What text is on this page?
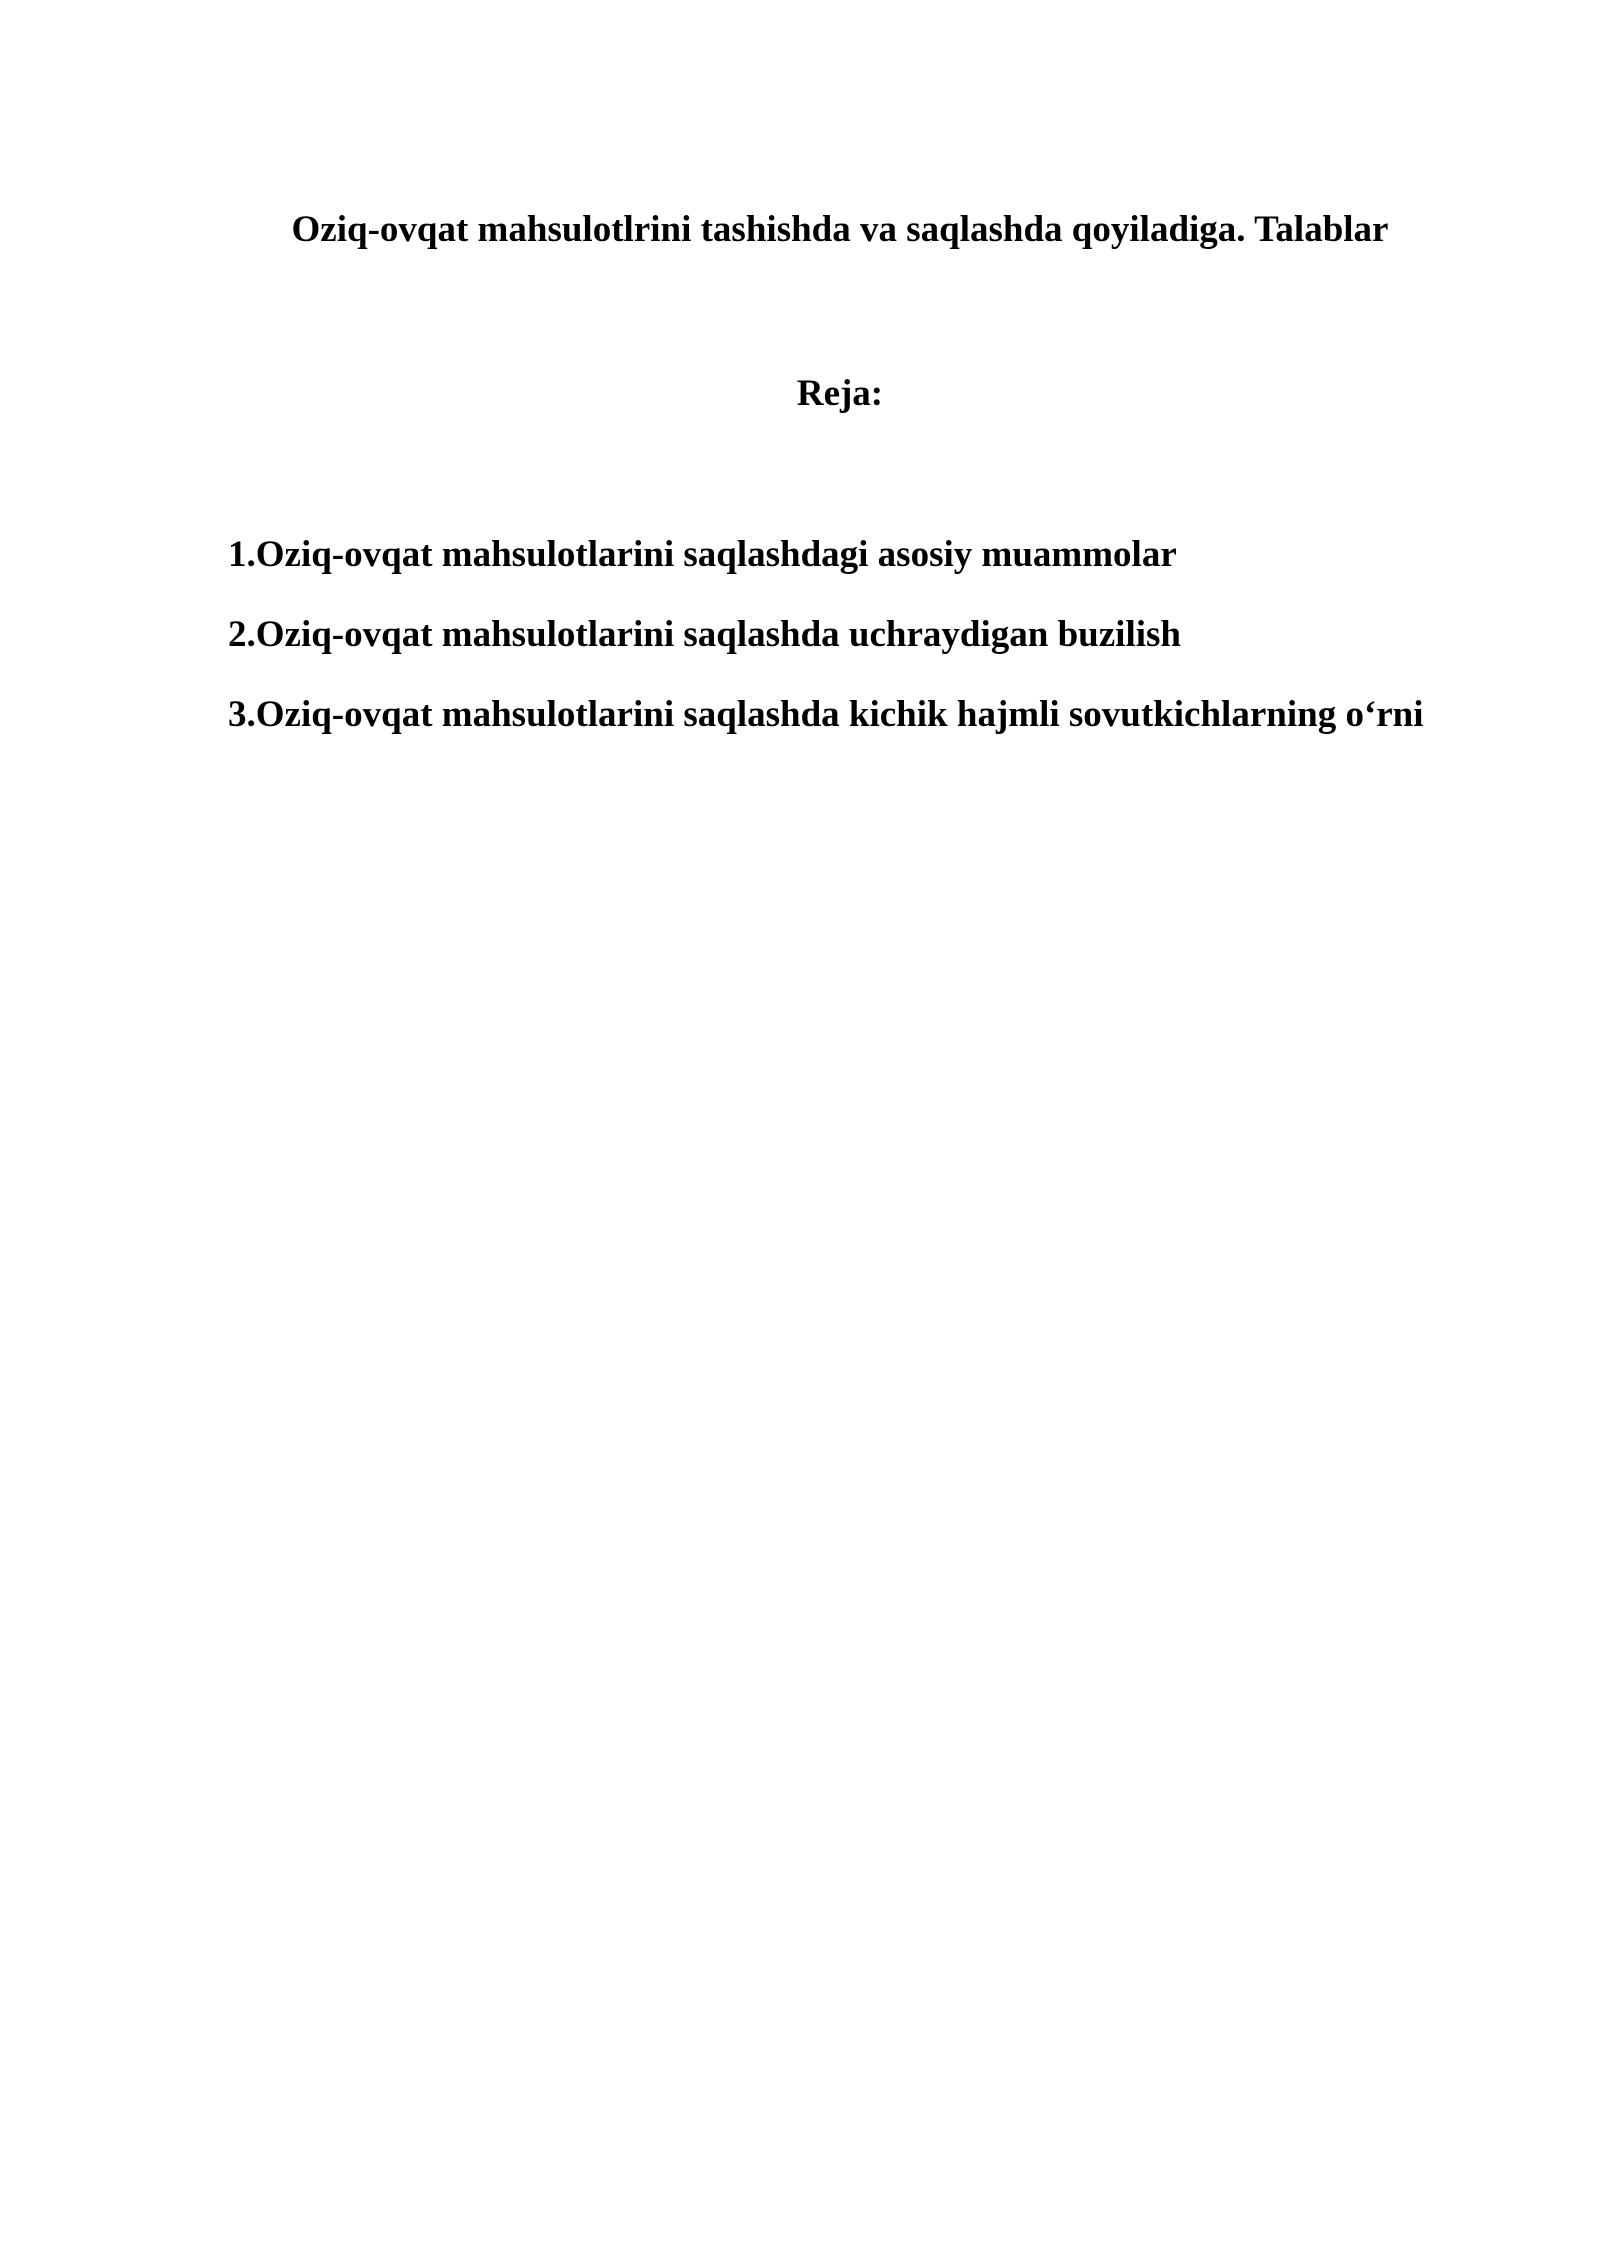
Oziq-ovqat mahsulotlrini tashishda va saqlashda qoyiladiga. Talablar
Reja:
1.Oziq-ovqat mahsulotlarini saqlashdagi asosiy muammolar
2.Oziq-ovqat mahsulotlarini saqlashda uchraydigan buzilish
3.Oziq-ovqat mahsulotlarini saqlashda kichik hajmli sovutkichlarning o‘rni
